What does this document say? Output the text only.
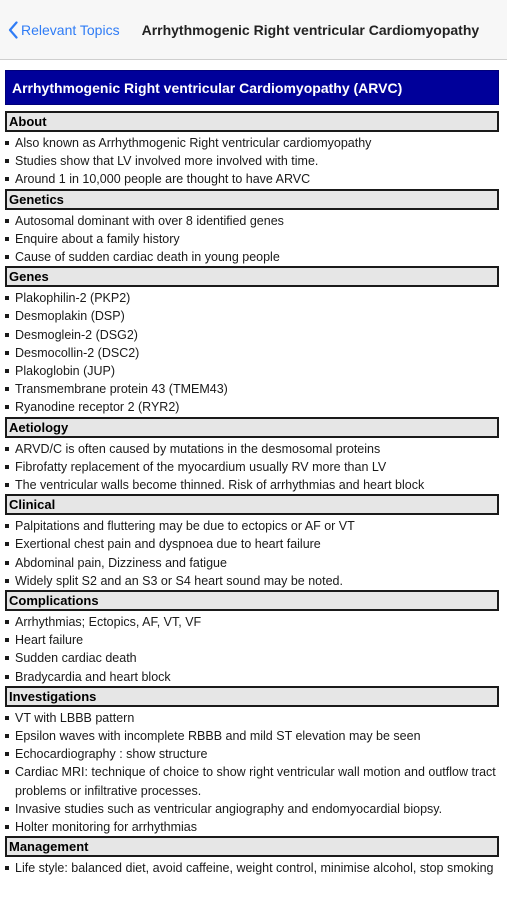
Relevant Topics Arrhythmogenic Right ventricular Cardiomyopathy
Arrhythmogenic Right ventricular Cardiomyopathy (ARVC)
About
Also known as Arrhythmogenic Right ventricular cardiomyopathy
Studies show that LV involved more involved with time.
Around 1 in 10,000 people are thought to have ARVC
Genetics
Autosomal dominant with over 8 identified genes
Enquire about a family history
Cause of sudden cardiac death in young people
Genes
Plakophilin-2 (PKP2)
Desmoplakin (DSP)
Desmoglein-2 (DSG2)
Desmocollin-2 (DSC2)
Plakoglobin (JUP)
Transmembrane protein 43 (TMEM43)
Ryanodine receptor 2 (RYR2)
Aetiology
ARVD/C is often caused by mutations in the desmosomal proteins
Fibrofatty replacement of the myocardium usually RV more than LV
The ventricular walls become thinned. Risk of arrhythmias and heart block
Clinical
Palpitations and fluttering may be due to ectopics or AF or VT
Exertional chest pain and dyspnoea due to heart failure
Abdominal pain, Dizziness and fatigue
Widely split S2 and an S3 or S4 heart sound may be noted.
Complications
Arrhythmias; Ectopics, AF, VT, VF
Heart failure
Sudden cardiac death
Bradycardia and heart block
Investigations
VT with LBBB pattern
Epsilon waves with incomplete RBBB and mild ST elevation may be seen
Echocardiography : show structure
Cardiac MRI: technique of choice to show right ventricular wall motion and outflow tract problems or infiltrative processes.
Invasive studies such as ventricular angiography and endomyocardial biopsy.
Holter monitoring for arrhythmias
Management
Life style: balanced diet, avoid caffeine, weight control, minimise alcohol, stop smoking
